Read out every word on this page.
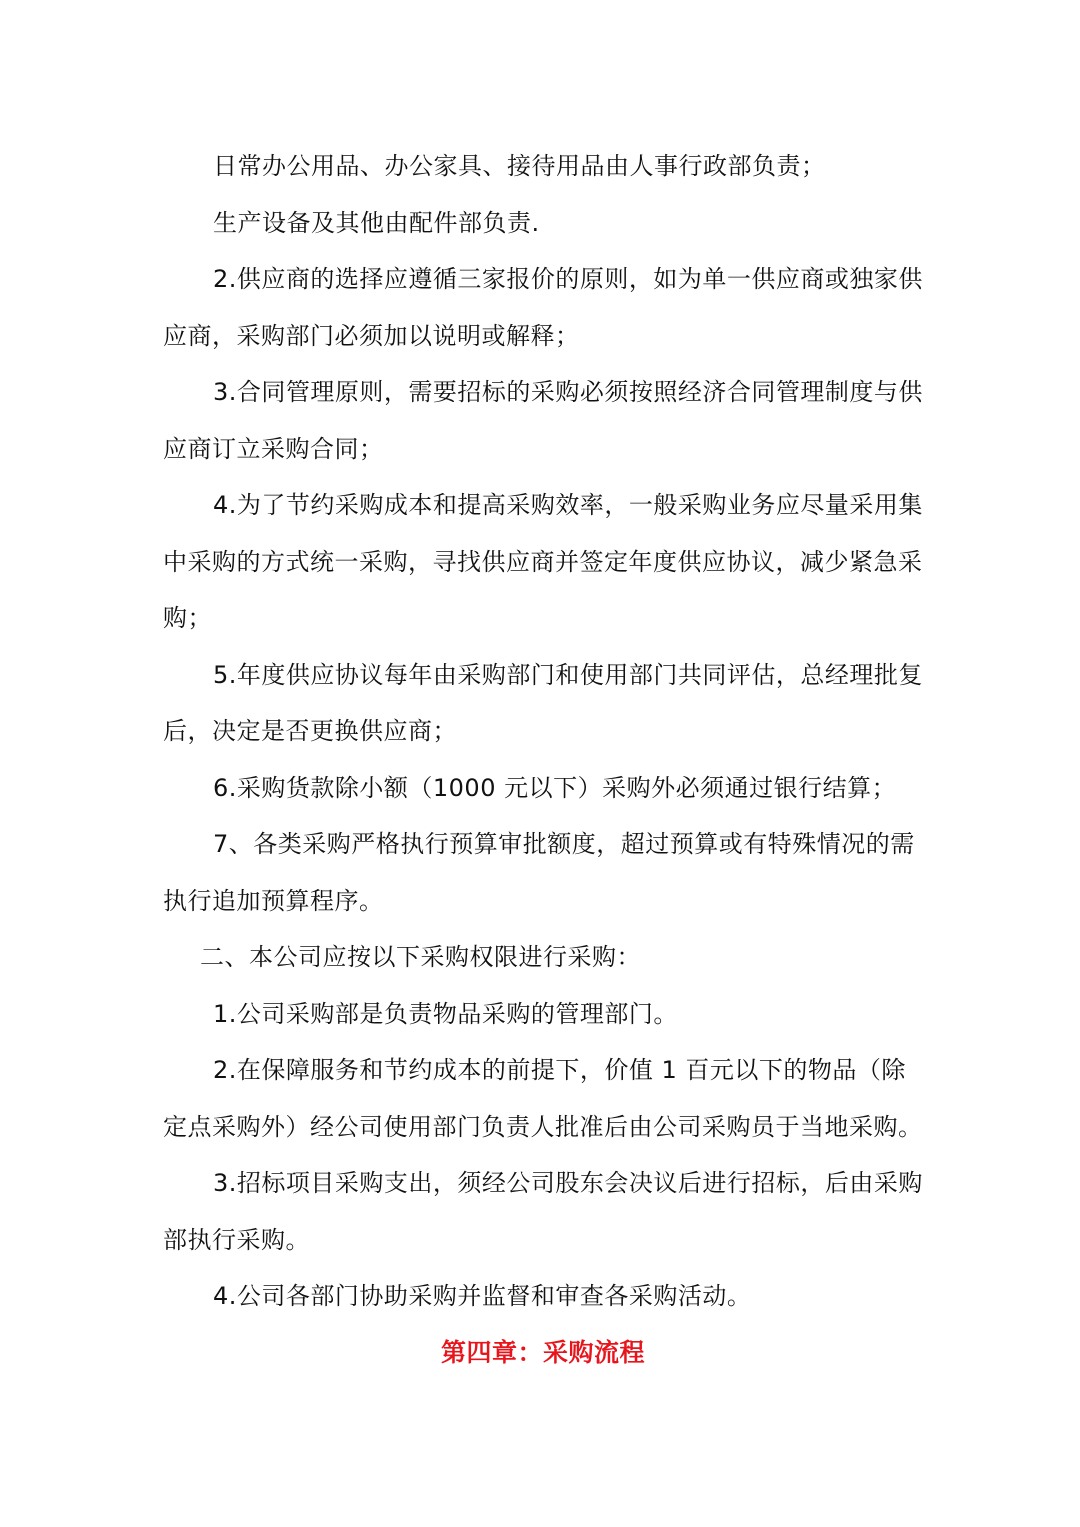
日常办公用品、办公家具、接待用品由人事行政部负责；

生产设备及其他由配件部负责.

2.供应商的选择应遵循三家报价的原则，如为单一供应商或独家供应商，采购部门必须加以说明或解释；

3.合同管理原则，需要招标的采购必须按照经济合同管理制度与供应商订立采购合同；

4.为了节约采购成本和提高采购效率，一般采购业务应尽量采用集中采购的方式统一采购，寻找供应商并签定年度供应协议，减少紧急采购；

5.年度供应协议每年由采购部门和使用部门共同评估，总经理批复后，决定是否更换供应商；

6.采购货款除小额（1000 元以下）采购外必须通过银行结算；

7、各类采购严格执行预算审批额度，超过预算或有特殊情况的需执行追加预算程序。

二、本公司应按以下采购权限进行采购：

1.公司采购部是负责物品采购的管理部门。

2.在保障服务和节约成本的前提下，价值 1 百元以下的物品（除定点采购外）经公司使用部门负责人批准后由公司采购员于当地采购。

3.招标项目采购支出，须经公司股东会决议后进行招标，后由采购部执行采购。

4.公司各部门协助采购并监督和审查各采购活动。

第四章：采购流程
